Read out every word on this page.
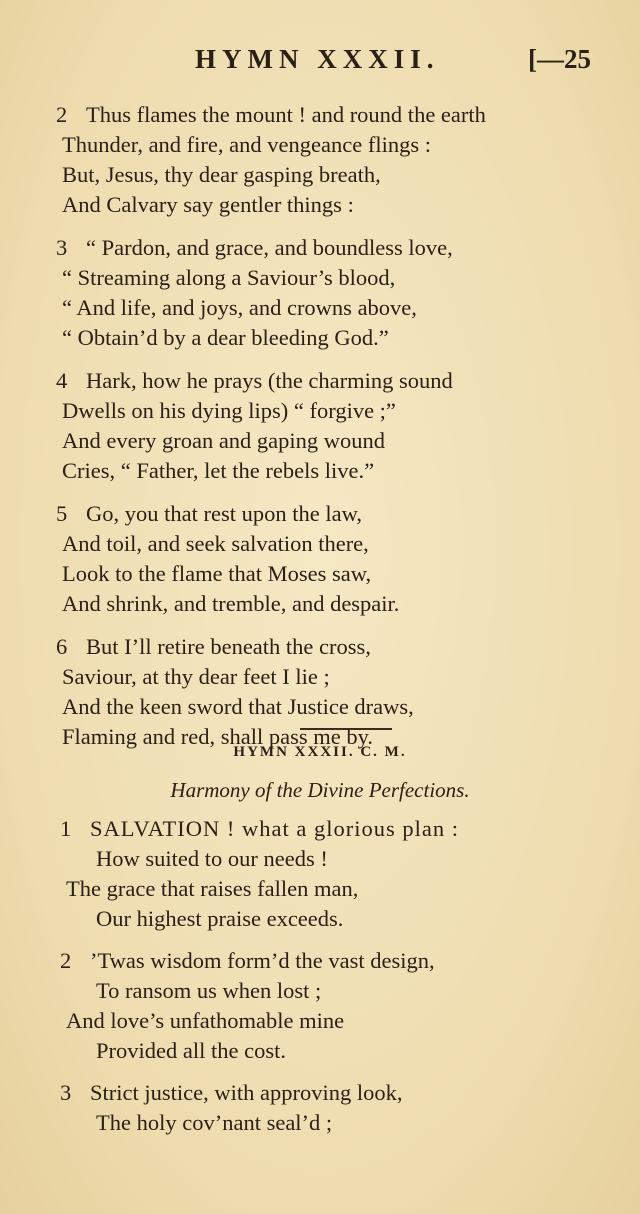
HYMN XXXII.	[—25
2 Thus flames the mount ! and round the earth
Thunder, and fire, and vengeance flings :
But, Jesus, thy dear gasping breath,
And Calvary say gentler things :
3 “ Pardon, and grace, and boundless love,
“ Streaming along a Saviour’s blood,
“ And life, and joys, and crowns above,
“ Obtain’d by a dear bleeding God.”
4 Hark, how he prays (the charming sound
Dwells on his dying lips) “ forgive ;”
And every groan and gaping wound
Cries, “ Father, let the rebels live.”
5 Go, you that rest upon the law,
And toil, and seek salvation there,
Look to the flame that Moses saw,
And shrink, and tremble, and despair.
6 But I’ll retire beneath the cross,
Saviour, at thy dear feet I lie ;
And the keen sword that Justice draws,
Flaming and red, shall pass me by.
HYMN XXXII. C. M.
Harmony of the Divine Perfections.
1 SALVATION ! what a glorious plan :
How suited to our needs !
The grace that raises fallen man,
Our highest praise exceeds.
2 ’Twas wisdom form’d the vast design,
To ransom us when lost ;
And love’s unfathomable mine
Provided all the cost.
3 Strict justice, with approving look,
The holy cov’nant seal’d ;
